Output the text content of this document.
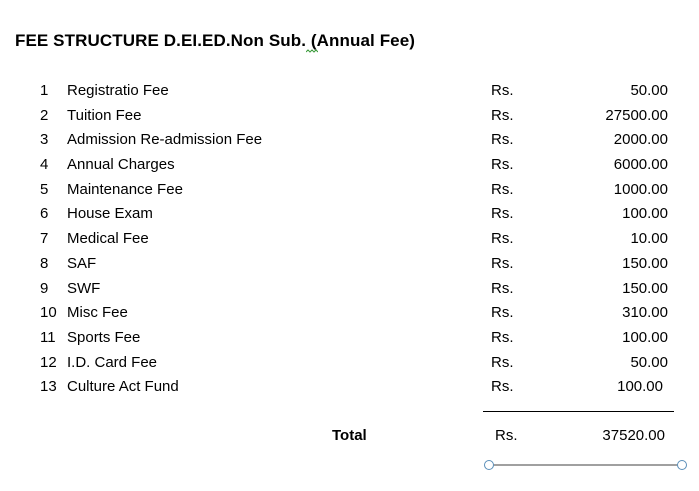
FEE STRUCTURE D.EI.ED.Non Sub. (Annual Fee)
1 Registratio Fee	Rs.	50.00
2 Tuition Fee	Rs.	27500.00
3 Admission Re-admission Fee	Rs.	2000.00
4 Annual Charges	Rs.	6000.00
5 Maintenance Fee	Rs.	1000.00
6 House Exam	Rs.	100.00
7 Medical Fee	Rs.	10.00
8 SAF	Rs.	150.00
9 SWF	Rs.	150.00
10 Misc Fee	Rs.	310.00
11 Sports Fee	Rs.	100.00
12 I.D. Card Fee	Rs.	50.00
13 Culture Act Fund	Rs.	100.00
Total	Rs.	37520.00
